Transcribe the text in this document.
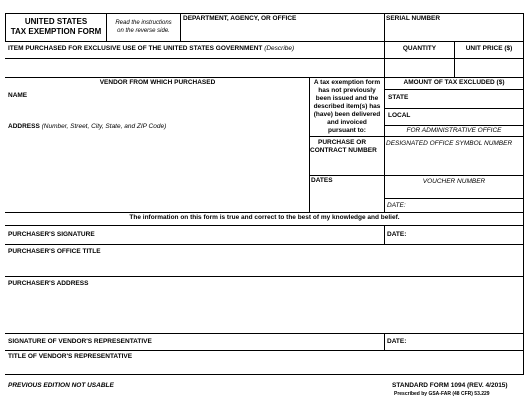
UNITED STATES
TAX EXEMPTION FORM
Read the instructions
on the reverse side.
DEPARTMENT, AGENCY, OR OFFICE	SERIAL NUMBER
ITEM PURCHASED FOR EXCLUSIVE USE OF THE UNITED STATES GOVERNMENT (Describe)	QUANTITY	UNIT PRICE ($)
VENDOR FROM WHICH PURCHASED
NAME
ADDRESS (Number, Street, City, State, and ZIP Code)
A tax exemption form
has not previously
been issued and the
described item(s) has
(have) been delivered
and invoiced
pursuant to:
PURCHASE OR
CONTRACT NUMBER
DATES
AMOUNT OF TAX EXCLUDED ($)
STATE
LOCAL
FOR ADMINISTRATIVE OFFICE
DESIGNATED OFFICE SYMBOL NUMBER
VOUCHER NUMBER
DATE:
The information on this form is true and correct to the best of my knowledge and belief.
PURCHASER'S SIGNATURE	DATE:
PURCHASER'S OFFICE TITLE
PURCHASER'S ADDRESS
SIGNATURE OF VENDOR'S REPRESENTATIVE	DATE:
TITLE OF VENDOR'S REPRESENTATIVE
PREVIOUS EDITION NOT USABLE	STANDARD FORM 1094 (REV. 4/2015)
Prescribed by GSA-FAR (48 CFR) 53.229
